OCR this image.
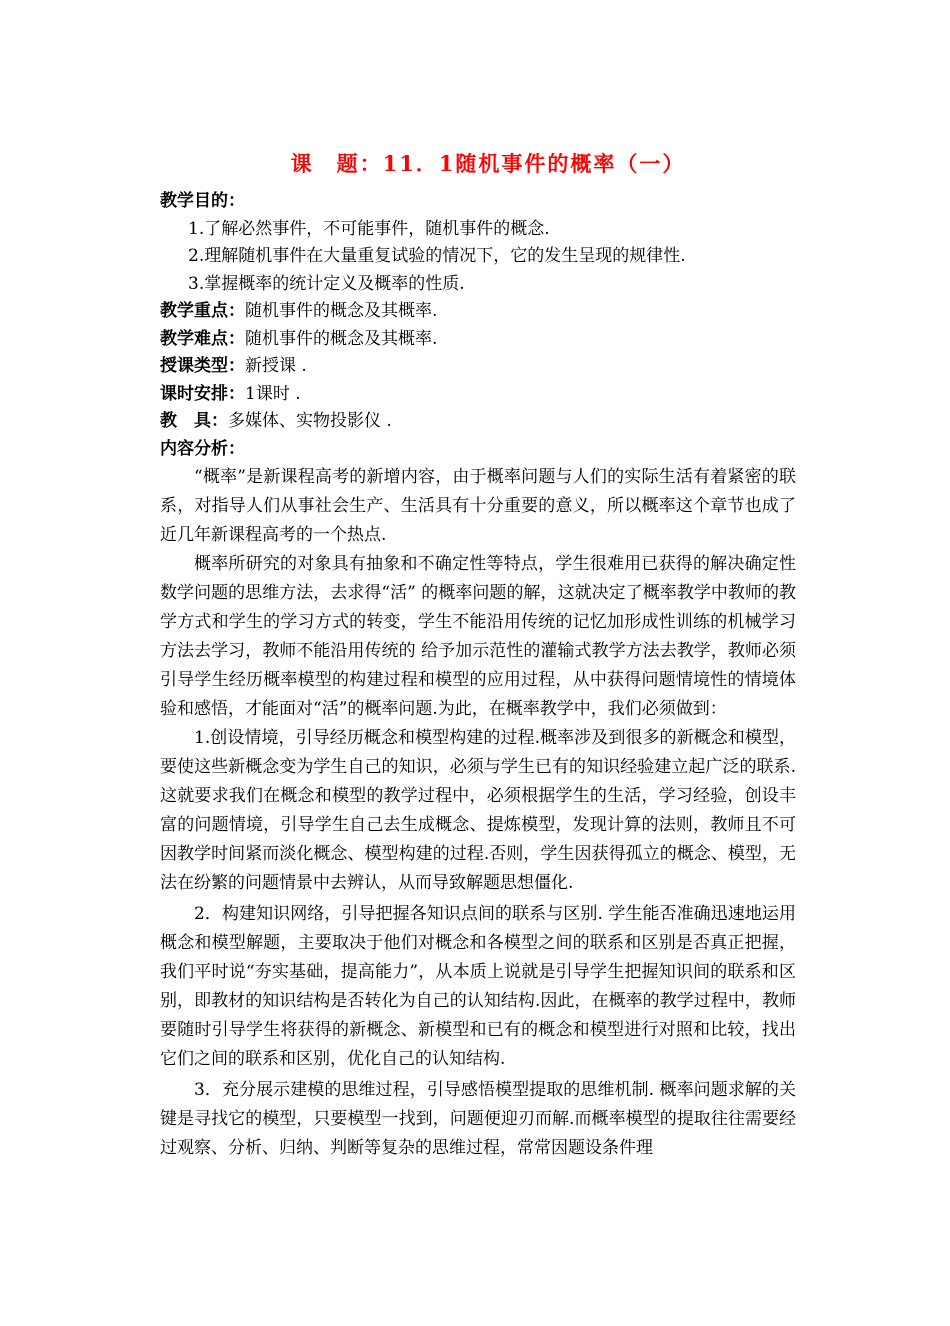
课　题：11．1随机事件的概率（一）
教学目的：
1.了解必然事件，不可能事件，随机事件的概念.
2.理解随机事件在大量重复试验的情况下，它的发生呈现的规律性.
3.掌握概率的统计定义及概率的性质.
教学重点：随机事件的概念及其概率.
教学难点：随机事件的概念及其概率.
授课类型：新授课 .
课时安排：1课时 .
教　具：多媒体、实物投影仪 .
内容分析：

“概率”是新课程高考的新增内容，由于概率问题与人们的实际生活有着紧密的联系，对指导人们从事社会生产、生活具有十分重要的意义，所以概率这个章节也成了近几年新课程高考的一个热点.

概率所研究的对象具有抽象和不确定性等特点，学生很难用已获得的解决确定性数学问题的思维方法，去求得“活” 的概率问题的解，这就决定了概率教学中教师的教学方式和学生的学习方式的转变，学生不能沿用传统的记忆加形成性训练的机械学习方法去学习，教师不能沿用传统的 给予加示范性的灌输式教学方法去教学，教师必须引导学生经历概率模型的构建过程和模型的应用过程，从中获得问题情境性的情境体验和感悟，才能面对“活”的概率问题.为此，在概率教学中，我们必须做到：

1.创设情境，引导经历概念和模型构建的过程.概率涉及到很多的新概念和模型，要使这些新概念变为学生自己的知识，必须与学生已有的知识经验建立起广泛的联系.这就要求我们在概念和模型的教学过程中，必须根据学生的生活，学习经验，创设丰富的问题情境，引导学生自己去生成概念、提炼模型，发现计算的法则，教师且不可因教学时间紧而淡化概念、模型构建的过程.否则，学生因获得孤立的概念、模型，无法在纷繁的问题情景中去辨认，从而导致解题思想僵化.

2．构建知识网络，引导把握各知识点间的联系与区别. 学生能否准确迅速地运用概念和模型解题，主要取决于他们对概念和各模型之间的联系和区别是否真正把握，我们平时说“夯实基础，提高能力”，从本质上说就是引导学生把握知识间的联系和区别，即教材的知识结构是否转化为自己的认知结构.因此，在概率的教学过程中，教师要随时引导学生将获得的新概念、新模型和已有的概念和模型进行对照和比较，找出它们之间的联系和区别，优化自己的认知结构.

3．充分展示建模的思维过程，引导感悟模型提取的思维机制. 概率问题求解的关键是寻找它的模型，只要模型一找到，问题便迎刃而解.而概率模型的提取往往需要经过观察、分析、归纳、判断等复杂的思维过程，常常因题设条件理
